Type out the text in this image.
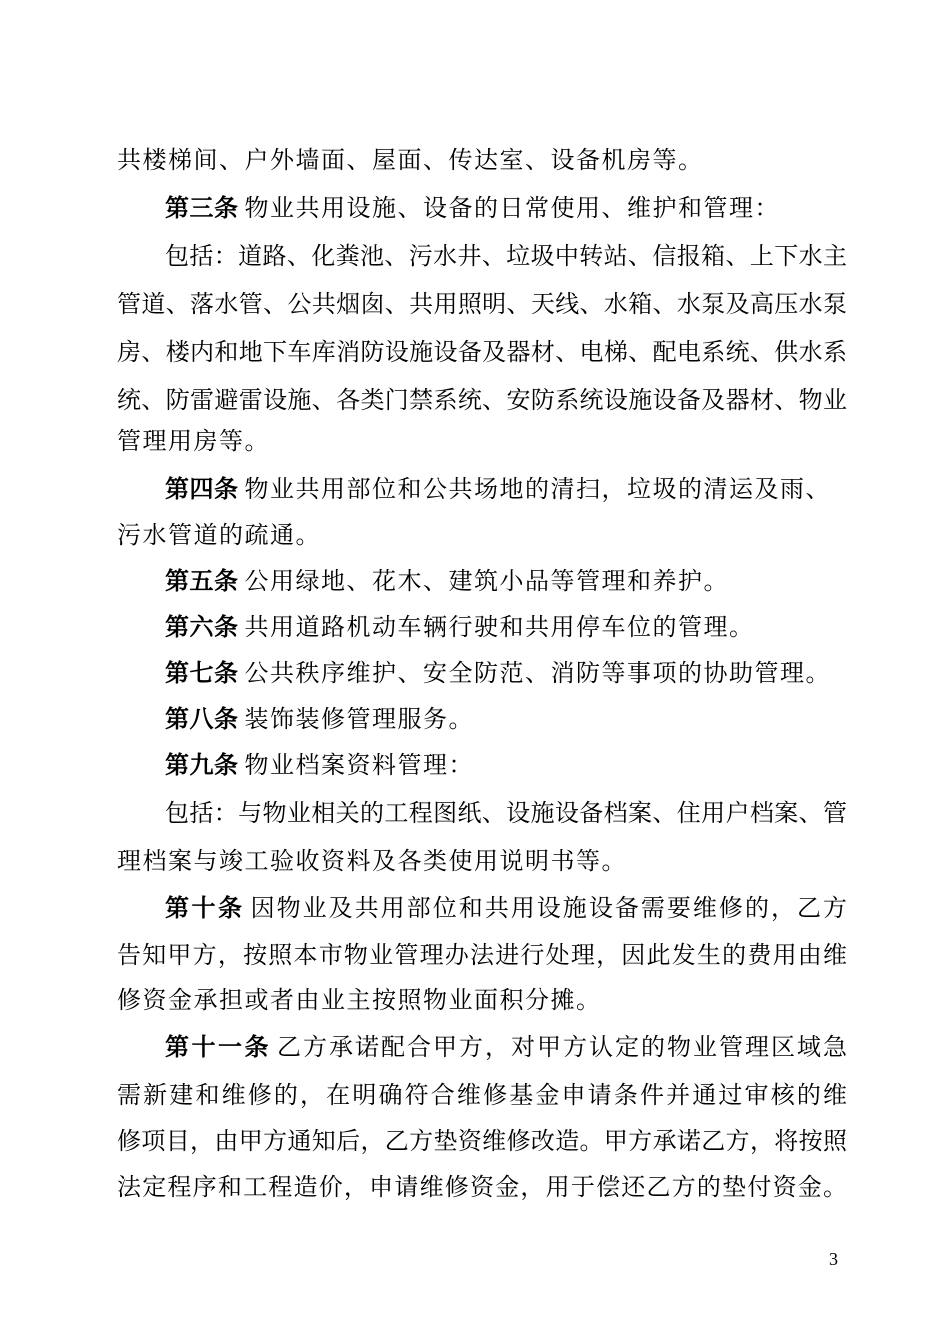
共楼梯间、户外墙面、屋面、传达室、设备机房等。
第三条 物业共用设施、设备的日常使用、维护和管理：
包括：道路、化粪池、污水井、垃圾中转站、信报箱、上下水主
管道、落水管、公共烟囱、共用照明、天线、水箱、水泵及高压水泵
房、楼内和地下车库消防设施设备及器材、电梯、配电系统、供水系
统、防雷避雷设施、各类门禁系统、安防系统设施设备及器材、物业
管理用房等。
第四条 物业共用部位和公共场地的清扫，垃圾的清运及雨、
污水管道的疏通。
第五条 公用绿地、花木、建筑小品等管理和养护。
第六条 共用道路机动车辆行驶和共用停车位的管理。
第七条 公共秩序维护、安全防范、消防等事项的协助管理。
第八条 装饰装修管理服务。
第九条 物业档案资料管理：
包括：与物业相关的工程图纸、设施设备档案、住用户档案、管
理档案与竣工验收资料及各类使用说明书等。
第十条 因物业及共用部位和共用设施设备需要维修的，乙方
告知甲方，按照本市物业管理办法进行处理，因此发生的费用由维
修资金承担或者由业主按照物业面积分摊。
第十一条 乙方承诺配合甲方，对甲方认定的物业管理区域急
需新建和维修的，在明确符合维修基金申请条件并通过审核的维
修项目，由甲方通知后，乙方垫资维修改造。甲方承诺乙方，将按照
法定程序和工程造价，申请维修资金，用于偿还乙方的垫付资金。
3
